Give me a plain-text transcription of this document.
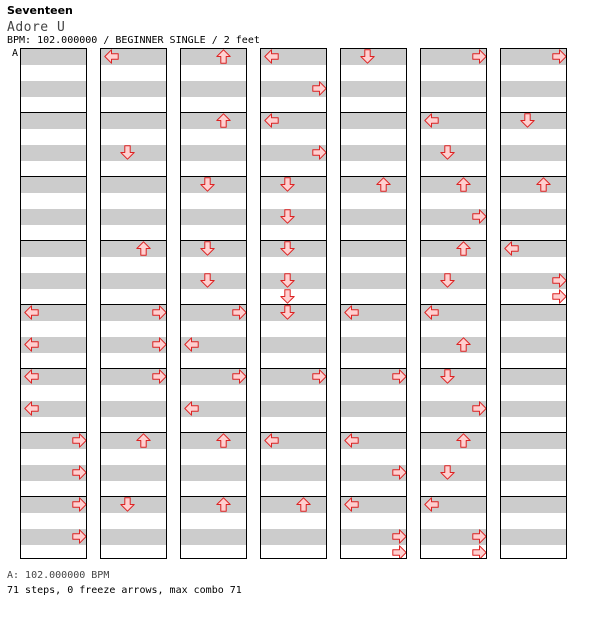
Seventeen
Adore U
BPM: 102.000000 / BEGINNER SINGLE / 2 feet
A
A: 102.000000 BPM
71 steps, 0 freeze arrows, max combo 71
